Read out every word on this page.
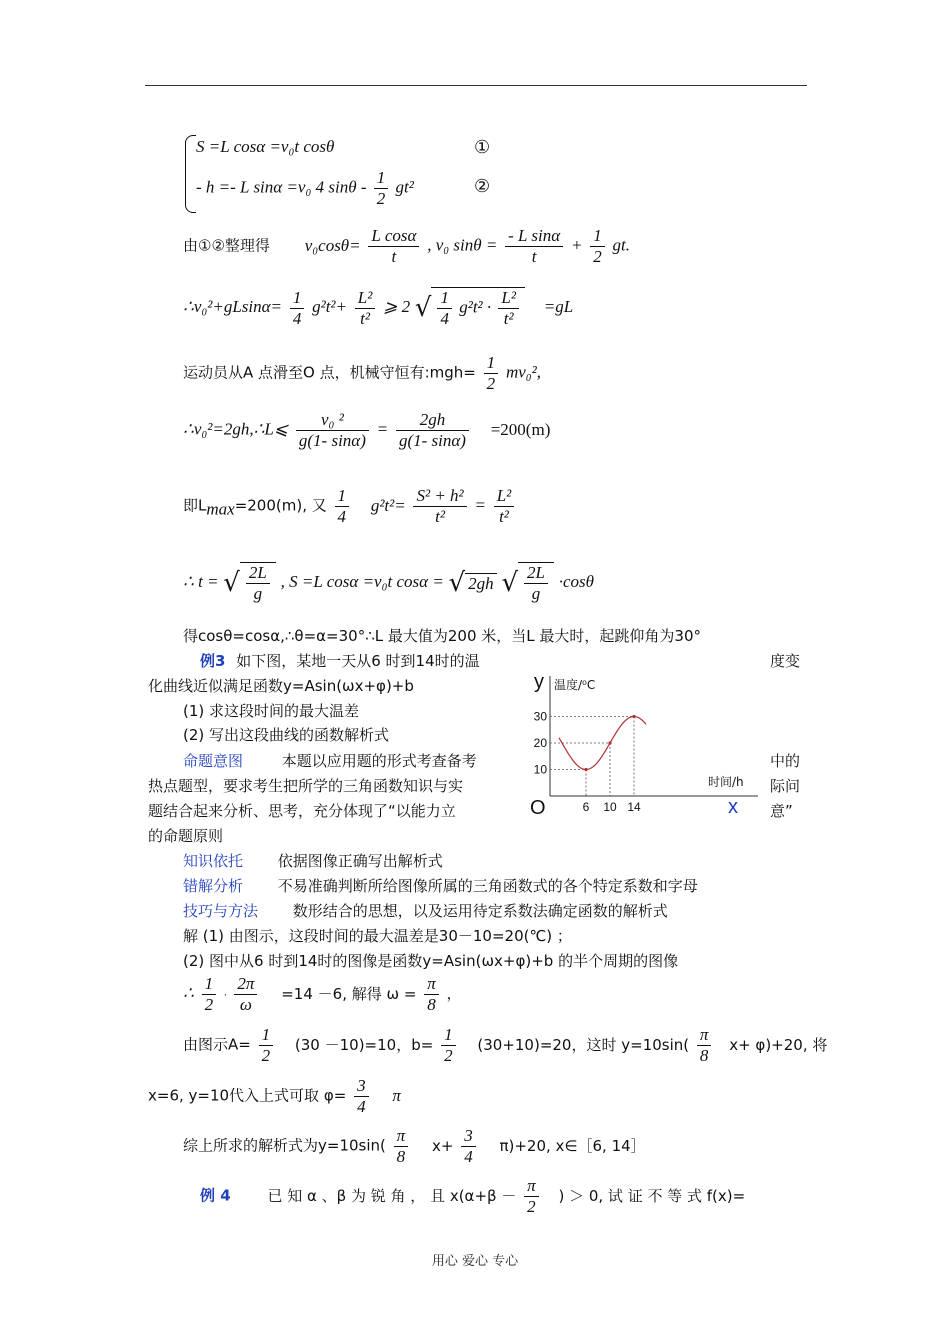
S =L cosα =v₀t cosθ	①
- h =- L sinα =v₀ 4 sinθ - $\frac{1}{2} gt^2$	②
由①②整理得 $v_0\cos\theta= \frac{\text{L cosα}}{t}$ , v₀ $\sin\theta = \frac{\text{- L sinα}}{t} + \frac{1}{2}$ gt.
∴v₀²+gLsinα= $\frac{1}{4} g^2t^2+ \frac{\text{L²}}{\text{t²}}$ ⩾ 2 √ $\frac{1}{4} g^2t^2 \cdot \frac{\text{L²}}{\text{t²}} =gL$
运动员从A 点滑至O 点，机械守恒有:mgh= $\frac{1}{2} mv_0^2$,
∴v₀²=2gh,∴L⩽ $\frac{\text{v₀ ²}}{g(1- \sin\alpha)} = \frac{2gh}{g(1- \sin\alpha)} =200(m)$
即$L_{max}=200(m)$, 又 $\frac{1}{4} g^2t^2= \frac{\text{S² + h²}}{\text{t²}} = \frac{\text{L²}}{\text{t²}}$
∴ t = √ $\frac{2L}{g}$ , S =L cosα =v₀t cosα = √ 2gh √ $\frac{2L}{g} \cdot\cos\theta$
得cosθ=cosα,∴θ=α=30°∴L 最大值为200 米，当L 最大时，起跳仰角为30°
例3 如下图，某地一天从6 时到14时的温	度变
化曲线近似满足函数y=Asin(ωx+φ)+b
(1) 求这段时间的最大温差
(2) 写出这段曲线的函数解析式
命题意图	本题以应用题的形式考查备考	中的
热点题型，要求考生把所学的三角函数知识与实	际问
题结合起来分析、思考，充分体现了“以能力立	意”
的命题原则
知识依托 依据图像正确写出解析式
错解分析 不易准确判断所给图像所属的三角函数式的各个特定系数和字母
技巧与方法 数形结合的思想，以及运用待定系数法确定函数的解析式
解 (1) 由图示，这段时间的最大温差是30－10=20(℃) ；
(2) 图中从6 时到14时的图像是函数y=Asin(ωx+φ)+b 的半个周期的图像
∴ $\frac{1}{2} \cdot \frac{2\pi}{\omega} =14 -6$, 解得 $\omega = \frac{\pi}{8}$ ，
由图示$A= \frac{1}{2} (30 -10)=10$，$b= \frac{1}{2} (30+10)=20$，这时 $y=10\sin( \frac{\pi}{8} x+ \varphi)+20$, 将
x=6, y=10代入上式可取 $\varphi= \frac{3}{4}$ π
综上所求的解析式为$y=10\sin( \frac{\pi}{8} x+ \frac{3}{4} \pi)+20$, x∈［6, 14］
例 4 已 知 α 、β 为 锐 角 ， 且 $x(\alpha+\beta - \frac{\pi}{2}$ ) ＞ 0, 试 证 不 等 式 f(x)=
y 温度/⁰C
时间/h
x
O	6 10 14
10
20
30
用心 爱心 专心
